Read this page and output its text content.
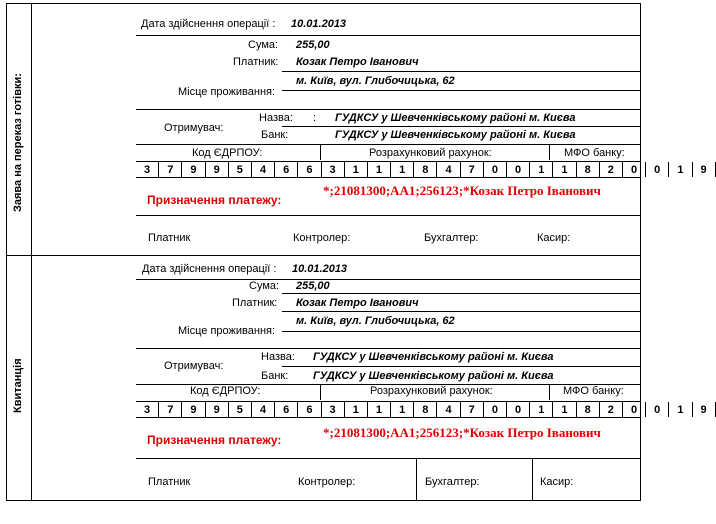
Заява на переказ готівки:
Квитанція
Дата здійснення операції : 10.01.2013
Сума: 255,00
Платник: Козак Петро Іванович
м. Київ, вул. Глибочицька, 62
Місце проживання:
Назва: : ГУДКСУ у Шевченківському районі м. Києва
Отримувач:
Банк:	ГУДКСУ у Шевченківському районі м. Києва
Код ЄДРПОУ:	Розрахунковий рахунок:	МФО банку:
3	7	9	9	5	4	6	6	3	1	1	1	8	4	7	0	0	1	1	8	2	0	0	1	9
Призначення платежу:
*;21081300;АА1;256123;*Козак Петро Іванович
Платник	Контролер:	Бухгалтер:	Касир:
Дата здійснення операції : 10.01.2013
Сума: 255,00
Платник: Козак Петро Іванович
м. Київ, вул. Глибочицька, 62
Місце проживання:
Назва: ГУДКСУ у Шевченківському районі м. Києва
Отримувач:
Банк: ГУДКСУ у Шевченківському районі м. Києва
Код ЄДРПОУ:	Розрахунковий рахунок:	МФО банку:
3	7	9	9	5	4	6	6	3	1	1	1	8	4	7	0	0	1	1	8	2	0	0	1	9
Призначення платежу:	*;21081300;АА1;256123;*Козак Петро Іванович
Платник	Контролер:	Бухгалтер:	Касир:
